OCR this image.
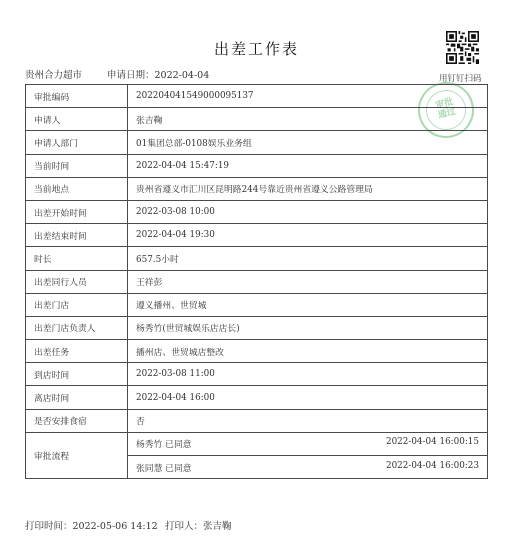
出差工作表
贵州合力超市	申请日期：2022-04-04	用钉钉扫码
审批
通过
审批编码	202204041549000095137
申请人	张吉鞠
申请人部门	01集团总部-0108娱乐业务组
当前时间	2022-04-04 15:47:19
当前地点	贵州省遵义市汇川区昆明路244号靠近贵州省遵义公路管理局
出差开始时间	2022-03-08 10:00
出差结束时间	2022-04-04 19:30
时长	657.5小时
出差同行人员	王祥彭
出差门店	遵义播州、世贸城
出差门店负责人	杨秀竹(世贸城娱乐店店长)
出差任务	播州店、世贸城店整改
到店时间	2022-03-08 11:00
离店时间	2022-04-04 16:00
是否安排食宿	否
审批流程	杨秀竹 已同意 2022-04-04 16:00:15

	张同慧 已同意 2022-04-04 16:00:23
打印时间：2022-05-06 14:12 打印人：张吉鞠
